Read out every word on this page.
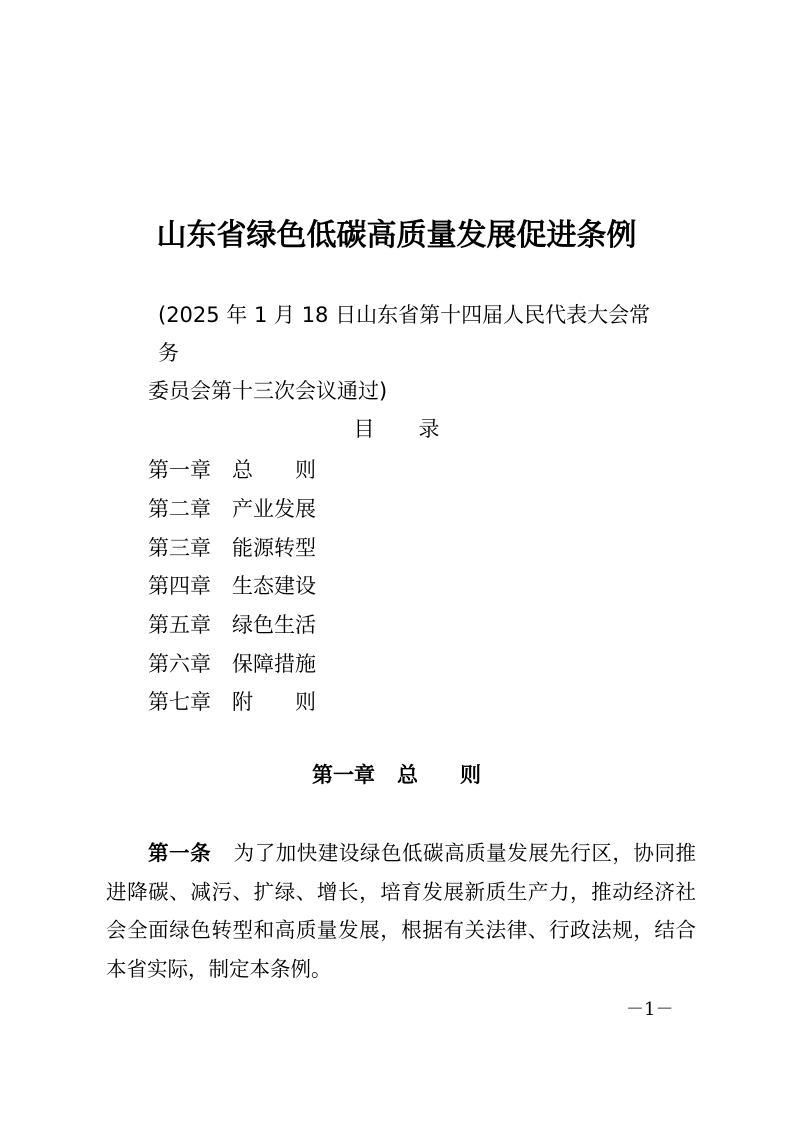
山东省绿色低碳高质量发展促进条例
(2025 年 1 月 18 日山东省第十四届人民代表大会常务
委员会第十三次会议通过)
目 录
第一章	总　　则
第二章	产业发展
第三章	能源转型
第四章	生态建设
第五章	绿色生活
第六章	保障措施
第七章	附　　则
第一章 总　　则
第一条 为了加快建设绿色低碳高质量发展先行区，协同推进降碳、减污、扩绿、增长，培育发展新质生产力，推动经济社会全面绿色转型和高质量发展，根据有关法律、行政法规，结合本省实际，制定本条例。
－1－
